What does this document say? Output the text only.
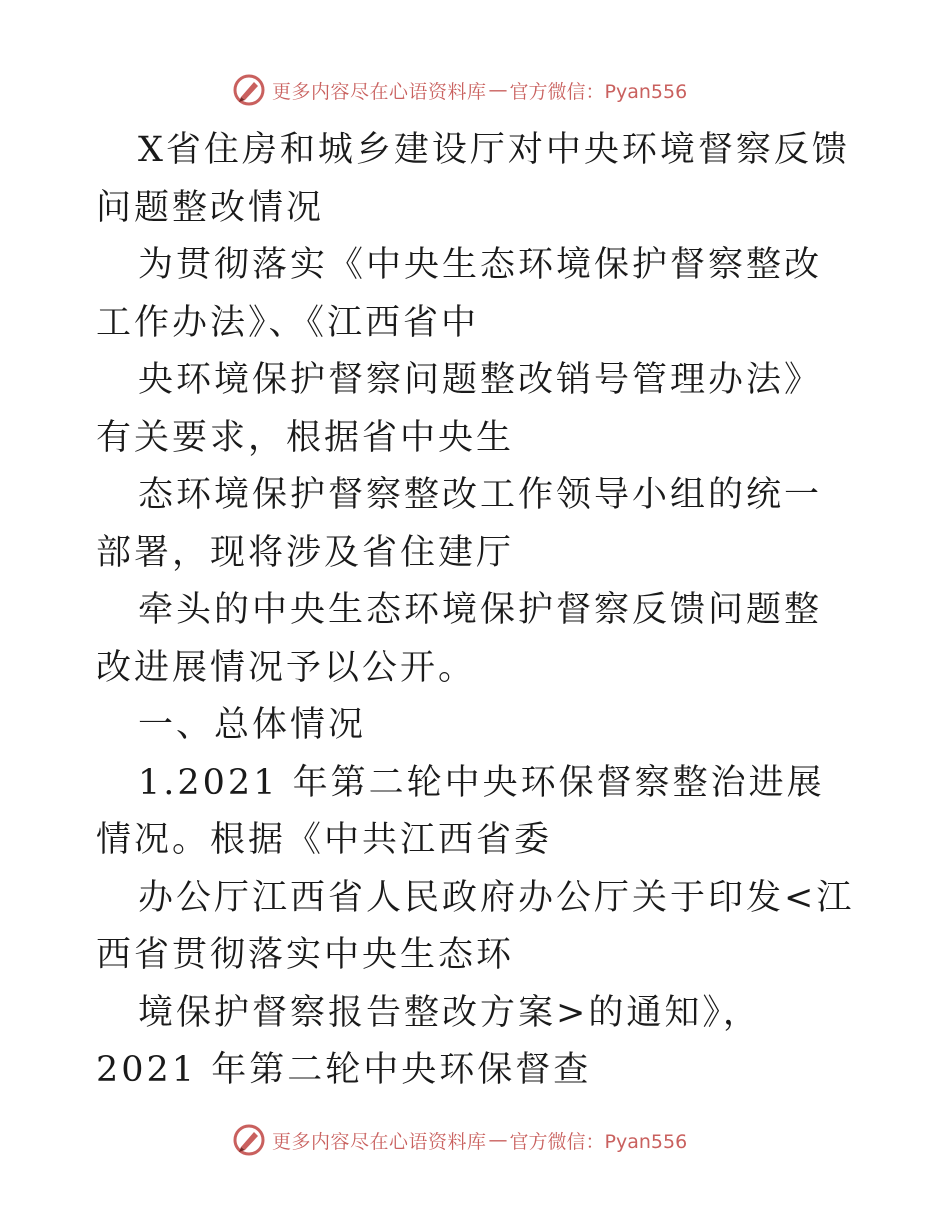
更多内容尽在心语资料库 — 官方微信：Pyan556

X省住房和城乡建设厅对中央环境督察反馈问题整改情况

为贯彻落实《中央生态环境保护督察整改工作办法》、《江西省中

央环境保护督察问题整改销号管理办法》有关要求，根据省中央生

态环境保护督察整改工作领导小组的统一部署，现将涉及省住建厅

牵头的中央生态环境保护督察反馈问题整改进展情况予以公开。

一、总体情况

1.2021 年第二轮中央环保督察整治进展情况。根据《中共江西省委

办公厅江西省人民政府办公厅关于印发<江西省贯彻落实中央生态环

境保护督察报告整改方案>的通知》，2021 年第二轮中央环保督查

更多内容尽在心语资料库 — 官方微信：Pyan556
